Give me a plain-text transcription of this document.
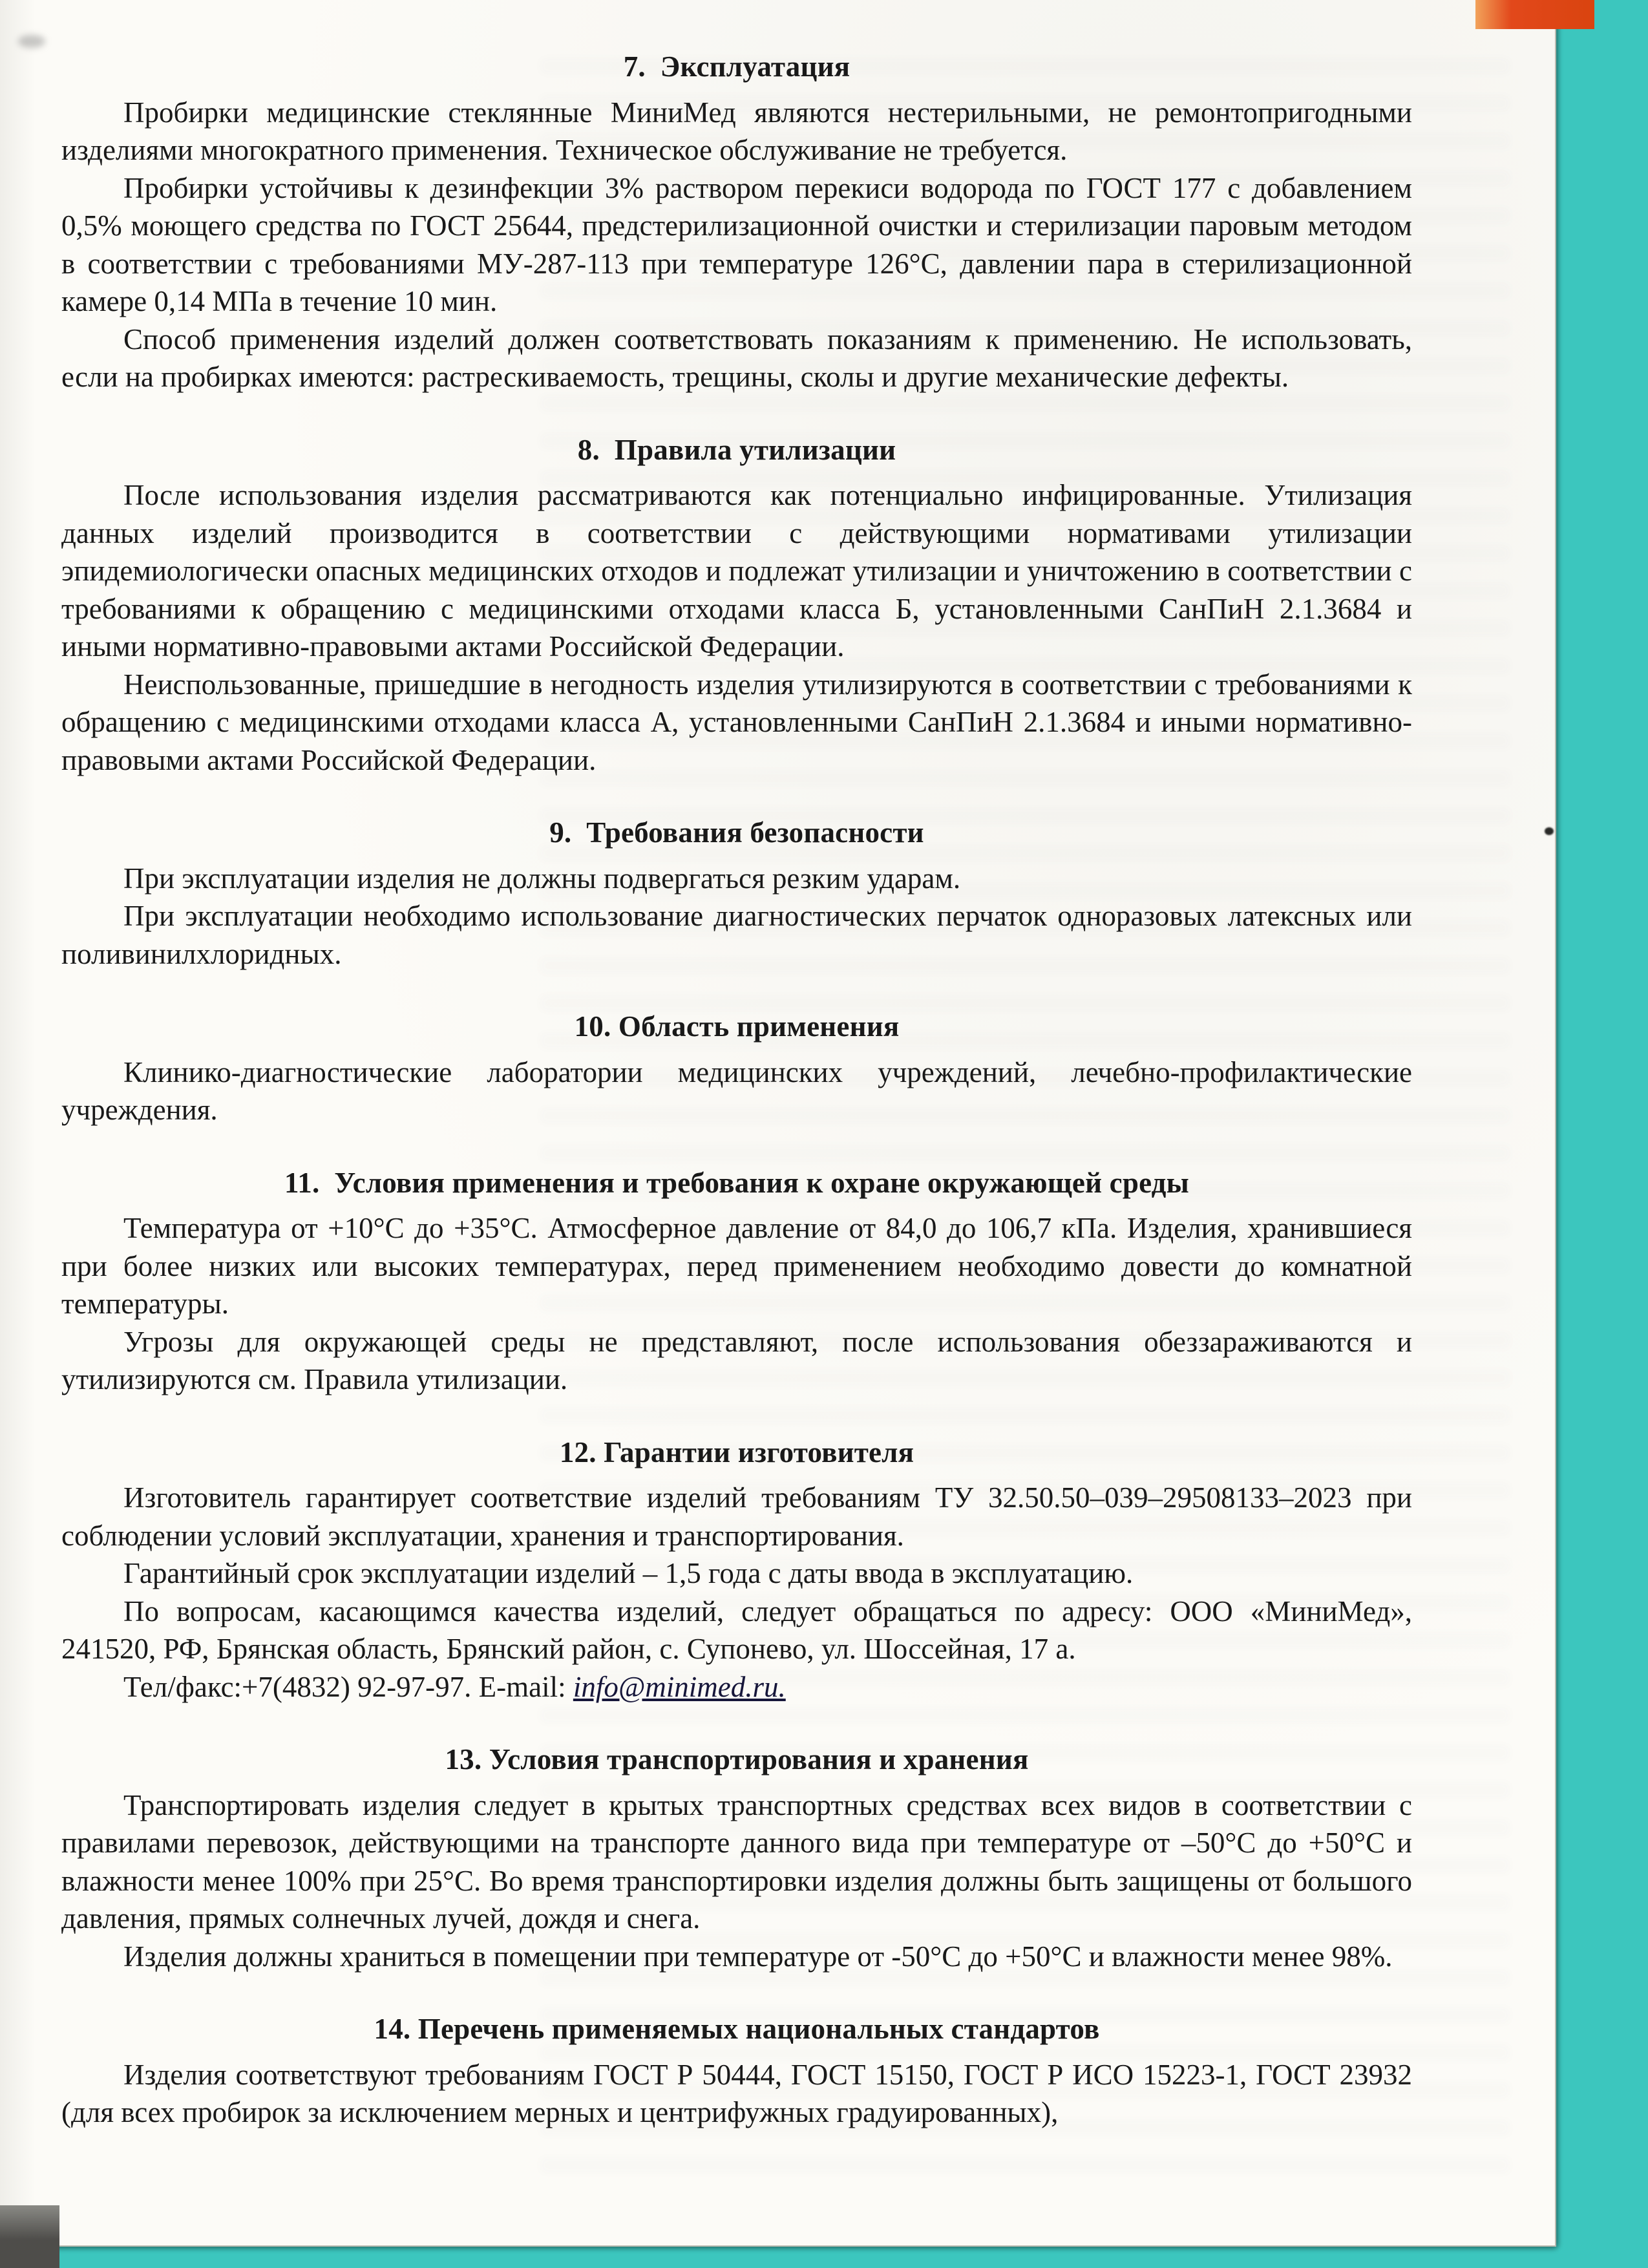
7.  Эксплуатация

Пробирки медицинские стеклянные МиниМед являются нестерильными, не ремонтопригодными изделиями многократного применения. Техническое обслуживание не требуется.

Пробирки устойчивы к дезинфекции 3% раствором перекиси водорода по ГОСТ 177 с добавлением 0,5% моющего средства по ГОСТ 25644, предстерилизационной очистки и стерилизации паровым методом в соответствии с требованиями МУ-287-113 при температуре 126°С, давлении пара в стерилизационной камере 0,14 МПа в течение 10 мин.

Способ применения изделий должен соответствовать показаниям к применению. Не использовать, если на пробирках имеются: растрескиваемость, трещины, сколы и другие механические дефекты.

8.  Правила утилизации

После использования изделия рассматриваются как потенциально инфицированные. Утилизация данных изделий производится в соответствии с действующими нормативами утилизации эпидемиологически опасных медицинских отходов и подлежат утилизации и уничтожению в соответствии с требованиями к обращению с медицинскими отходами класса Б, установленными СанПиН 2.1.3684 и иными нормативно-правовыми актами Российской Федерации.

Неиспользованные, пришедшие в негодность изделия утилизируются в соответствии с требованиями к обращению с медицинскими отходами класса А, установленными СанПиН 2.1.3684 и иными нормативно-правовыми актами Российской Федерации.

9.  Требования безопасности

При эксплуатации изделия не должны подвергаться резким ударам.

При эксплуатации необходимо использование диагностических перчаток одноразовых латексных или поливинилхлоридных.

10. Область применения

Клинико-диагностические лаборатории медицинских учреждений, лечебно-профилактические учреждения.

11.  Условия применения и требования к охране окружающей среды

Температура от +10°С до +35°С. Атмосферное давление от 84,0 до 106,7 кПа. Изделия, хранившиеся при более низких или высоких температурах, перед применением необходимо довести до комнатной температуры.

Угрозы для окружающей среды не представляют, после использования обеззараживаются и утилизируются см. Правила утилизации.

12. Гарантии изготовителя

Изготовитель гарантирует соответствие изделий требованиям ТУ 32.50.50–039–29508133–2023 при соблюдении условий эксплуатации, хранения и транспортирования.

Гарантийный срок эксплуатации изделий – 1,5 года с даты ввода в эксплуатацию.

По вопросам, касающимся качества изделий, следует обращаться по адресу: ООО «МиниМед», 241520, РФ, Брянская область, Брянский район, с. Супонево, ул. Шоссейная, 17 а.

Тел/факс:+7(4832) 92-97-97. E-mail: info@minimed.ru.

13. Условия транспортирования и хранения

Транспортировать изделия следует в крытых транспортных средствах всех видов в соответствии с правилами перевозок, действующими на транспорте данного вида при температуре от –50°С до +50°С и влажности менее 100% при 25°С. Во время транспортировки изделия должны быть защищены от большого давления, прямых солнечных лучей, дождя и снега.

Изделия должны храниться в помещении при температуре от -50°С до +50°С и влажности менее 98%.

14. Перечень применяемых национальных стандартов

Изделия соответствуют требованиям ГОСТ Р 50444, ГОСТ 15150, ГОСТ Р ИСО 15223-1, ГОСТ 23932 (для всех пробирок за исключением мерных и центрифужных градуированных),
